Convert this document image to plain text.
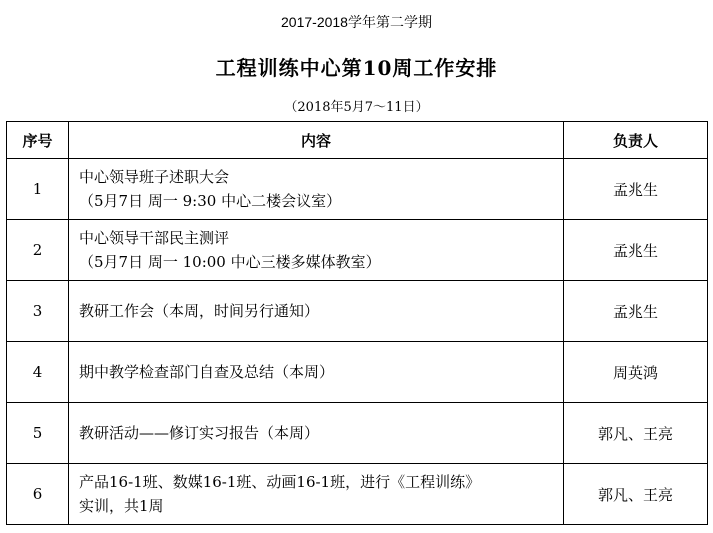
2017-2018学年第二学期
工程训练中心第10周工作安排
（2018年5月7～11日）
序号	内容	负责人
1	中心领导班子述职大会
（5月7日 周一 9:30 中心二楼会议室）	孟兆生
2	中心领导干部民主测评
（5月7日 周一 10:00 中心三楼多媒体教室）	孟兆生
3	教研工作会（本周，时间另行通知）	孟兆生
4	期中教学检查部门自查及总结（本周）	周英鸿
5	教研活动——修订实习报告（本周）	郭凡、王亮
6	产品16-1班、数媒16-1班、动画16-1班，进行《工程训练》
实训，共1周	郭凡、王亮
